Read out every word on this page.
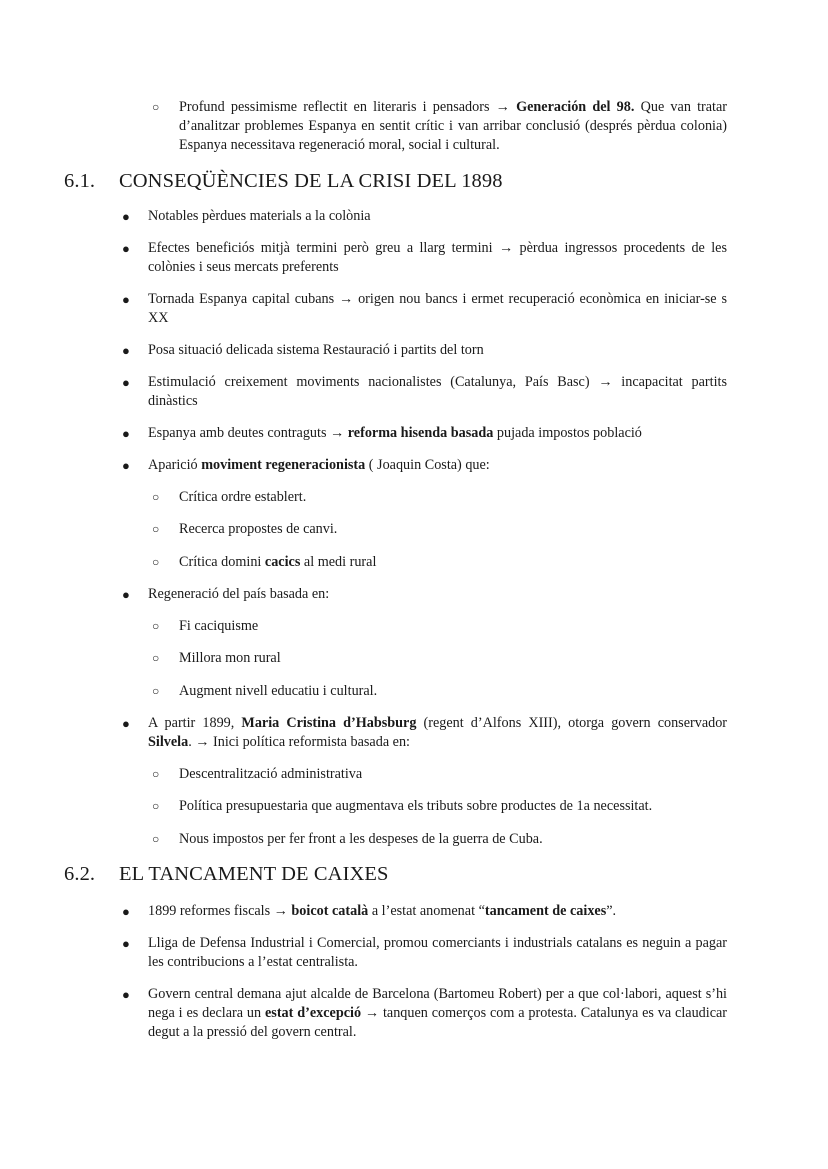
○ Profund pessimisme reflectit en literaris i pensadors → Generación del 98. Que van tratar d’analitzar problemes Espanya en sentit crític i van arribar conclusió (després pèrdua colonia) Espanya necessitava regeneració moral, social i cultural.
6.1. CONSEQÜÈNCIES DE LA CRISI DEL 1898
● Notables pèrdues materials a la colònia
● Efectes beneficiós mitjà termini però greu a llarg termini → pèrdua ingressos procedents de les colònies i seus mercats preferents
● Tornada Espanya capital cubans → origen nou bancs i ermet recuperació econòmica en iniciar-se s XX
● Posa situació delicada sistema Restauració i partits del torn
● Estimulació creixement moviments nacionalistes (Catalunya, País Basc) → incapacitat partits dinàstics
● Espanya amb deutes contraguts → reforma hisenda basada pujada impostos població
● Aparició moviment regeneracionista ( Joaquin Costa) que:
○ Crítica ordre establert.
○ Recerca propostes de canvi.
○ Crítica domini cacics al medi rural
● Regeneració del país basada en:
○ Fi caciquisme
○ Millora mon rural
○ Augment nivell educatiu i cultural.
● A partir 1899, Maria Cristina d’Habsburg (regent d’Alfons XIII), otorga govern conservador Silvela. → Inici política reformista basada en:
○ Descentralització administrativa
○ Política presupuestaria que augmentava els tributs sobre productes de 1a necessitat.
○ Nous impostos per fer front a les despeses de la guerra de Cuba.
6.2. EL TANCAMENT DE CAIXES
● 1899 reformes fiscals → boicot català a l’estat anomenat “tancament de caixes”.
● Lliga de Defensa Industrial i Comercial, promou comerciants i industrials catalans es neguin a pagar les contribucions a l’estat centralista.
● Govern central demana ajut alcalde de Barcelona (Bartomeu Robert) per a que col·labori, aquest s’hi nega i es declara un estat d’excepció → tanquen comerços com a protesta. Catalunya es va claudicar degut a la pressió del govern central.
